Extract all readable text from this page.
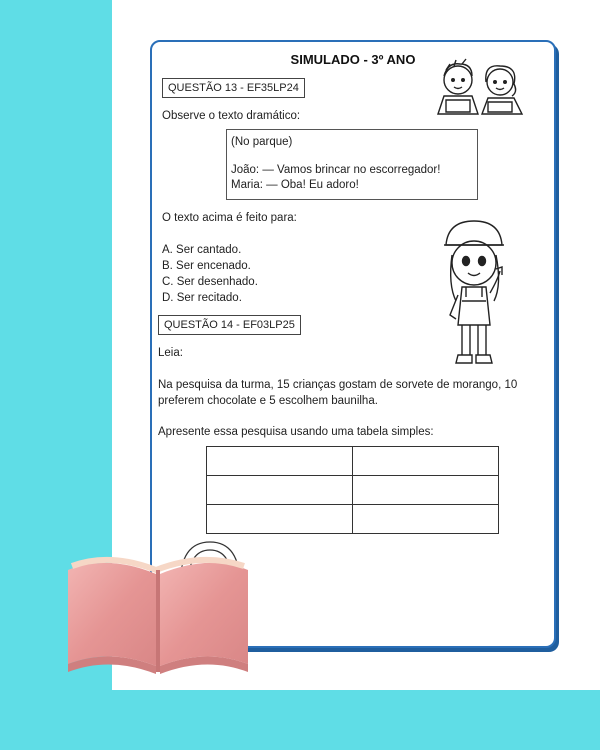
SIMULADO - 3º ANO
QUESTÃO 13 - EF35LP24
Observe o texto dramático:
(No parque)
João: — Vamos brincar no escorregador!
Maria: — Oba! Eu adoro!
O texto acima é feito para:
A. Ser cantado.
B. Ser encenado.
C. Ser desenhado.
D. Ser recitado.
QUESTÃO 14 - EF03LP25
Leia:
Na pesquisa da turma, 15 crianças gostam de sorvete de morango, 10 preferem chocolate e 5 escolhem baunilha.
Apresente essa pesquisa usando uma tabela simples:
